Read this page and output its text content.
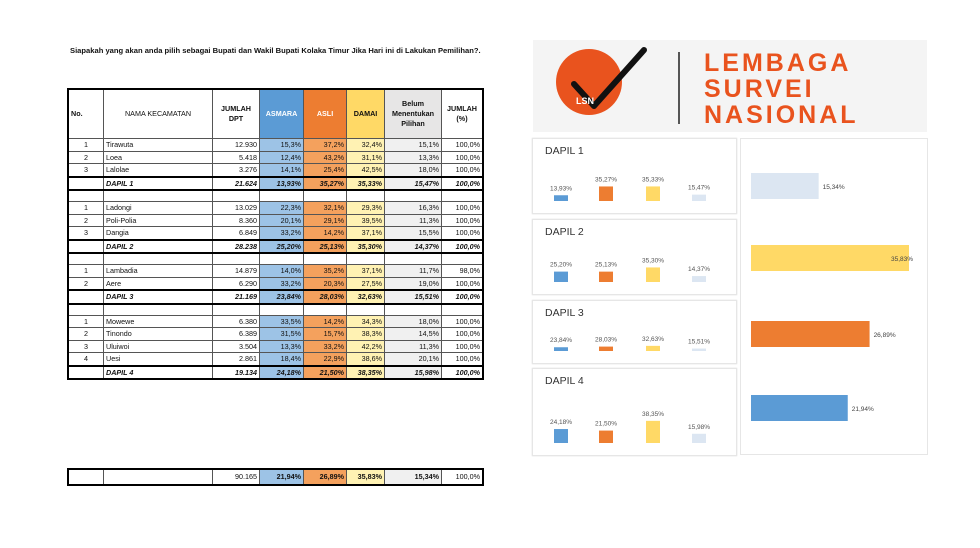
Siapakah yang akan anda pilih sebagai Bupati dan Wakil Bupati Kolaka Timur Jika Hari ini di Lakukan Pemilihan?.
No.	NAMA KECAMATAN	JUMLAH DPT	ASMARA	ASLI	DAMAI	Belum Menentukan Pilihan	JUMLAH (%)
1	Tirawuta	12.930	15,3%	37,2%	32,4%	15,1%	100,0%
2	Loea	5.418	12,4%	43,2%	31,1%	13,3%	100,0%
3	Lalolae	3.276	14,1%	25,4%	42,5%	18,0%	100,0%
	DAPIL 1	21.624	13,93%	35,27%	35,33%	15,47%	100,0%

1	Ladongi	13.029	22,3%	32,1%	29,3%	16,3%	100,0%
2	Poli-Polia	8.360	20,1%	29,1%	39,5%	11,3%	100,0%
3	Dangia	6.849	33,2%	14,2%	37,1%	15,5%	100,0%
	DAPIL 2	28.238	25,20%	25,13%	35,30%	14,37%	100,0%

1	Lambadia	14.879	14,0%	35,2%	37,1%	11,7%	98,0%
2	Aere	6.290	33,2%	20,3%	27,5%	19,0%	100,0%
	DAPIL 3	21.169	23,84%	28,03%	32,63%	15,51%	100,0%

1	Mowewe	6.380	33,5%	14,2%	34,3%	18,0%	100,0%
2	Tinondo	6.389	31,5%	15,7%	38,3%	14,5%	100,0%
3	Uluiwoi	3.504	13,3%	33,2%	42,2%	11,3%	100,0%
4	Uesi	2.861	18,4%	22,9%	38,6%	20,1%	100,0%
	DAPIL 4	19.134	24,18%	21,50%	38,35%	15,98%	100,0%
		90.165	21,94%	26,89%	35,83%	15,34%	100,0%
LSN
LEMBAGA
SURVEI
NASIONAL
DAPIL 1
13,93%
35,27%	35,33%
15,47%
DAPIL 2
25,20%	25,13%
35,30%
14,37%
DAPIL 3
23,84%	28,03%	32,63%	15,51%
DAPIL 4
24,18%	21,50%
38,35%
15,98%
15,34%
35,83%
26,89%
21,94%
